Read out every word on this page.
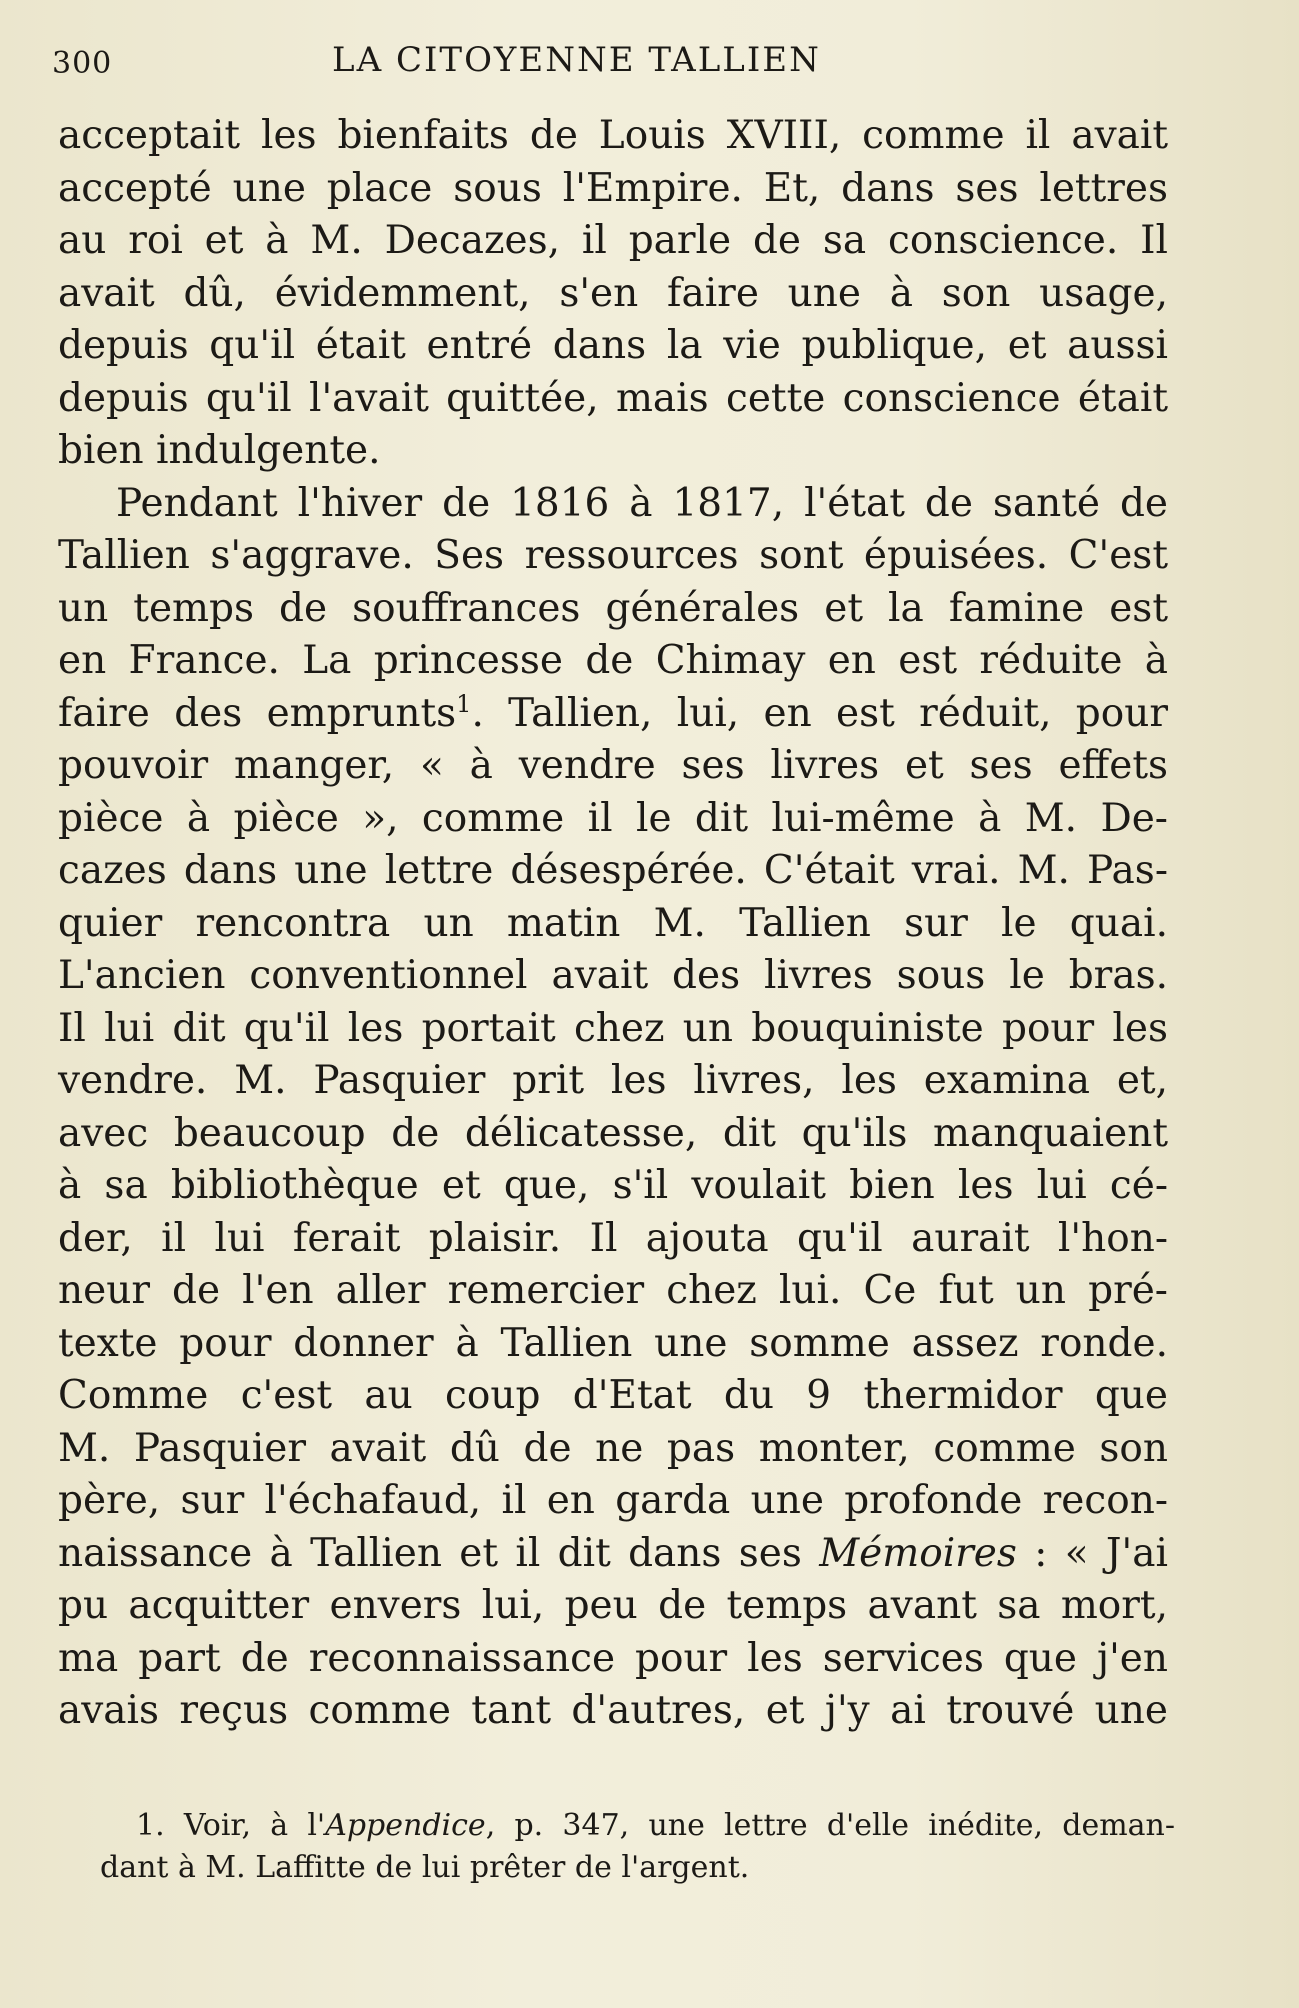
300	LA CITOYENNE TALLIEN
acceptait les bienfaits de Louis XVIII, comme il avait
accepté une place sous l'Empire. Et, dans ses lettres
au roi et à M. Decazes, il parle de sa conscience. Il
avait dû, évidemment, s'en faire une à son usage,
depuis qu'il était entré dans la vie publique, et aussi
depuis qu'il l'avait quittée, mais cette conscience était
bien indulgente.
Pendant l'hiver de 1816 à 1817, l'état de santé de
Tallien s'aggrave. Ses ressources sont épuisées. C'est
un temps de souffrances générales et la famine est
en France. La princesse de Chimay en est réduite à
faire des emprunts$^1$. Tallien, lui, en est réduit, pour
pouvoir manger, « à vendre ses livres et ses effets
pièce à pièce », comme il le dit lui-même à M. De-
cazes dans une lettre désespérée. C'était vrai. M. Pas-
quier rencontra un matin M. Tallien sur le quai.
L'ancien conventionnel avait des livres sous le bras.
Il lui dit qu'il les portait chez un bouquiniste pour les
vendre. M. Pasquier prit les livres, les examina et,
avec beaucoup de délicatesse, dit qu'ils manquaient
à sa bibliothèque et que, s'il voulait bien les lui cé-
der, il lui ferait plaisir. Il ajouta qu'il aurait l'hon-
neur de l'en aller remercier chez lui. Ce fut un pré-
texte pour donner à Tallien une somme assez ronde.
Comme c'est au coup d'Etat du 9 thermidor que
M. Pasquier avait dû de ne pas monter, comme son
père, sur l'échafaud, il en garda une profonde recon-
naissance à Tallien et il dit dans ses Mémoires : « J'ai
pu acquitter envers lui, peu de temps avant sa mort,
ma part de reconnaissance pour les services que j'en
avais reçus comme tant d'autres, et j'y ai trouvé une
1. Voir, à l'Appendice, p. 347, une lettre d'elle inédite, deman-
dant à M. Laffitte de lui prêter de l'argent.
